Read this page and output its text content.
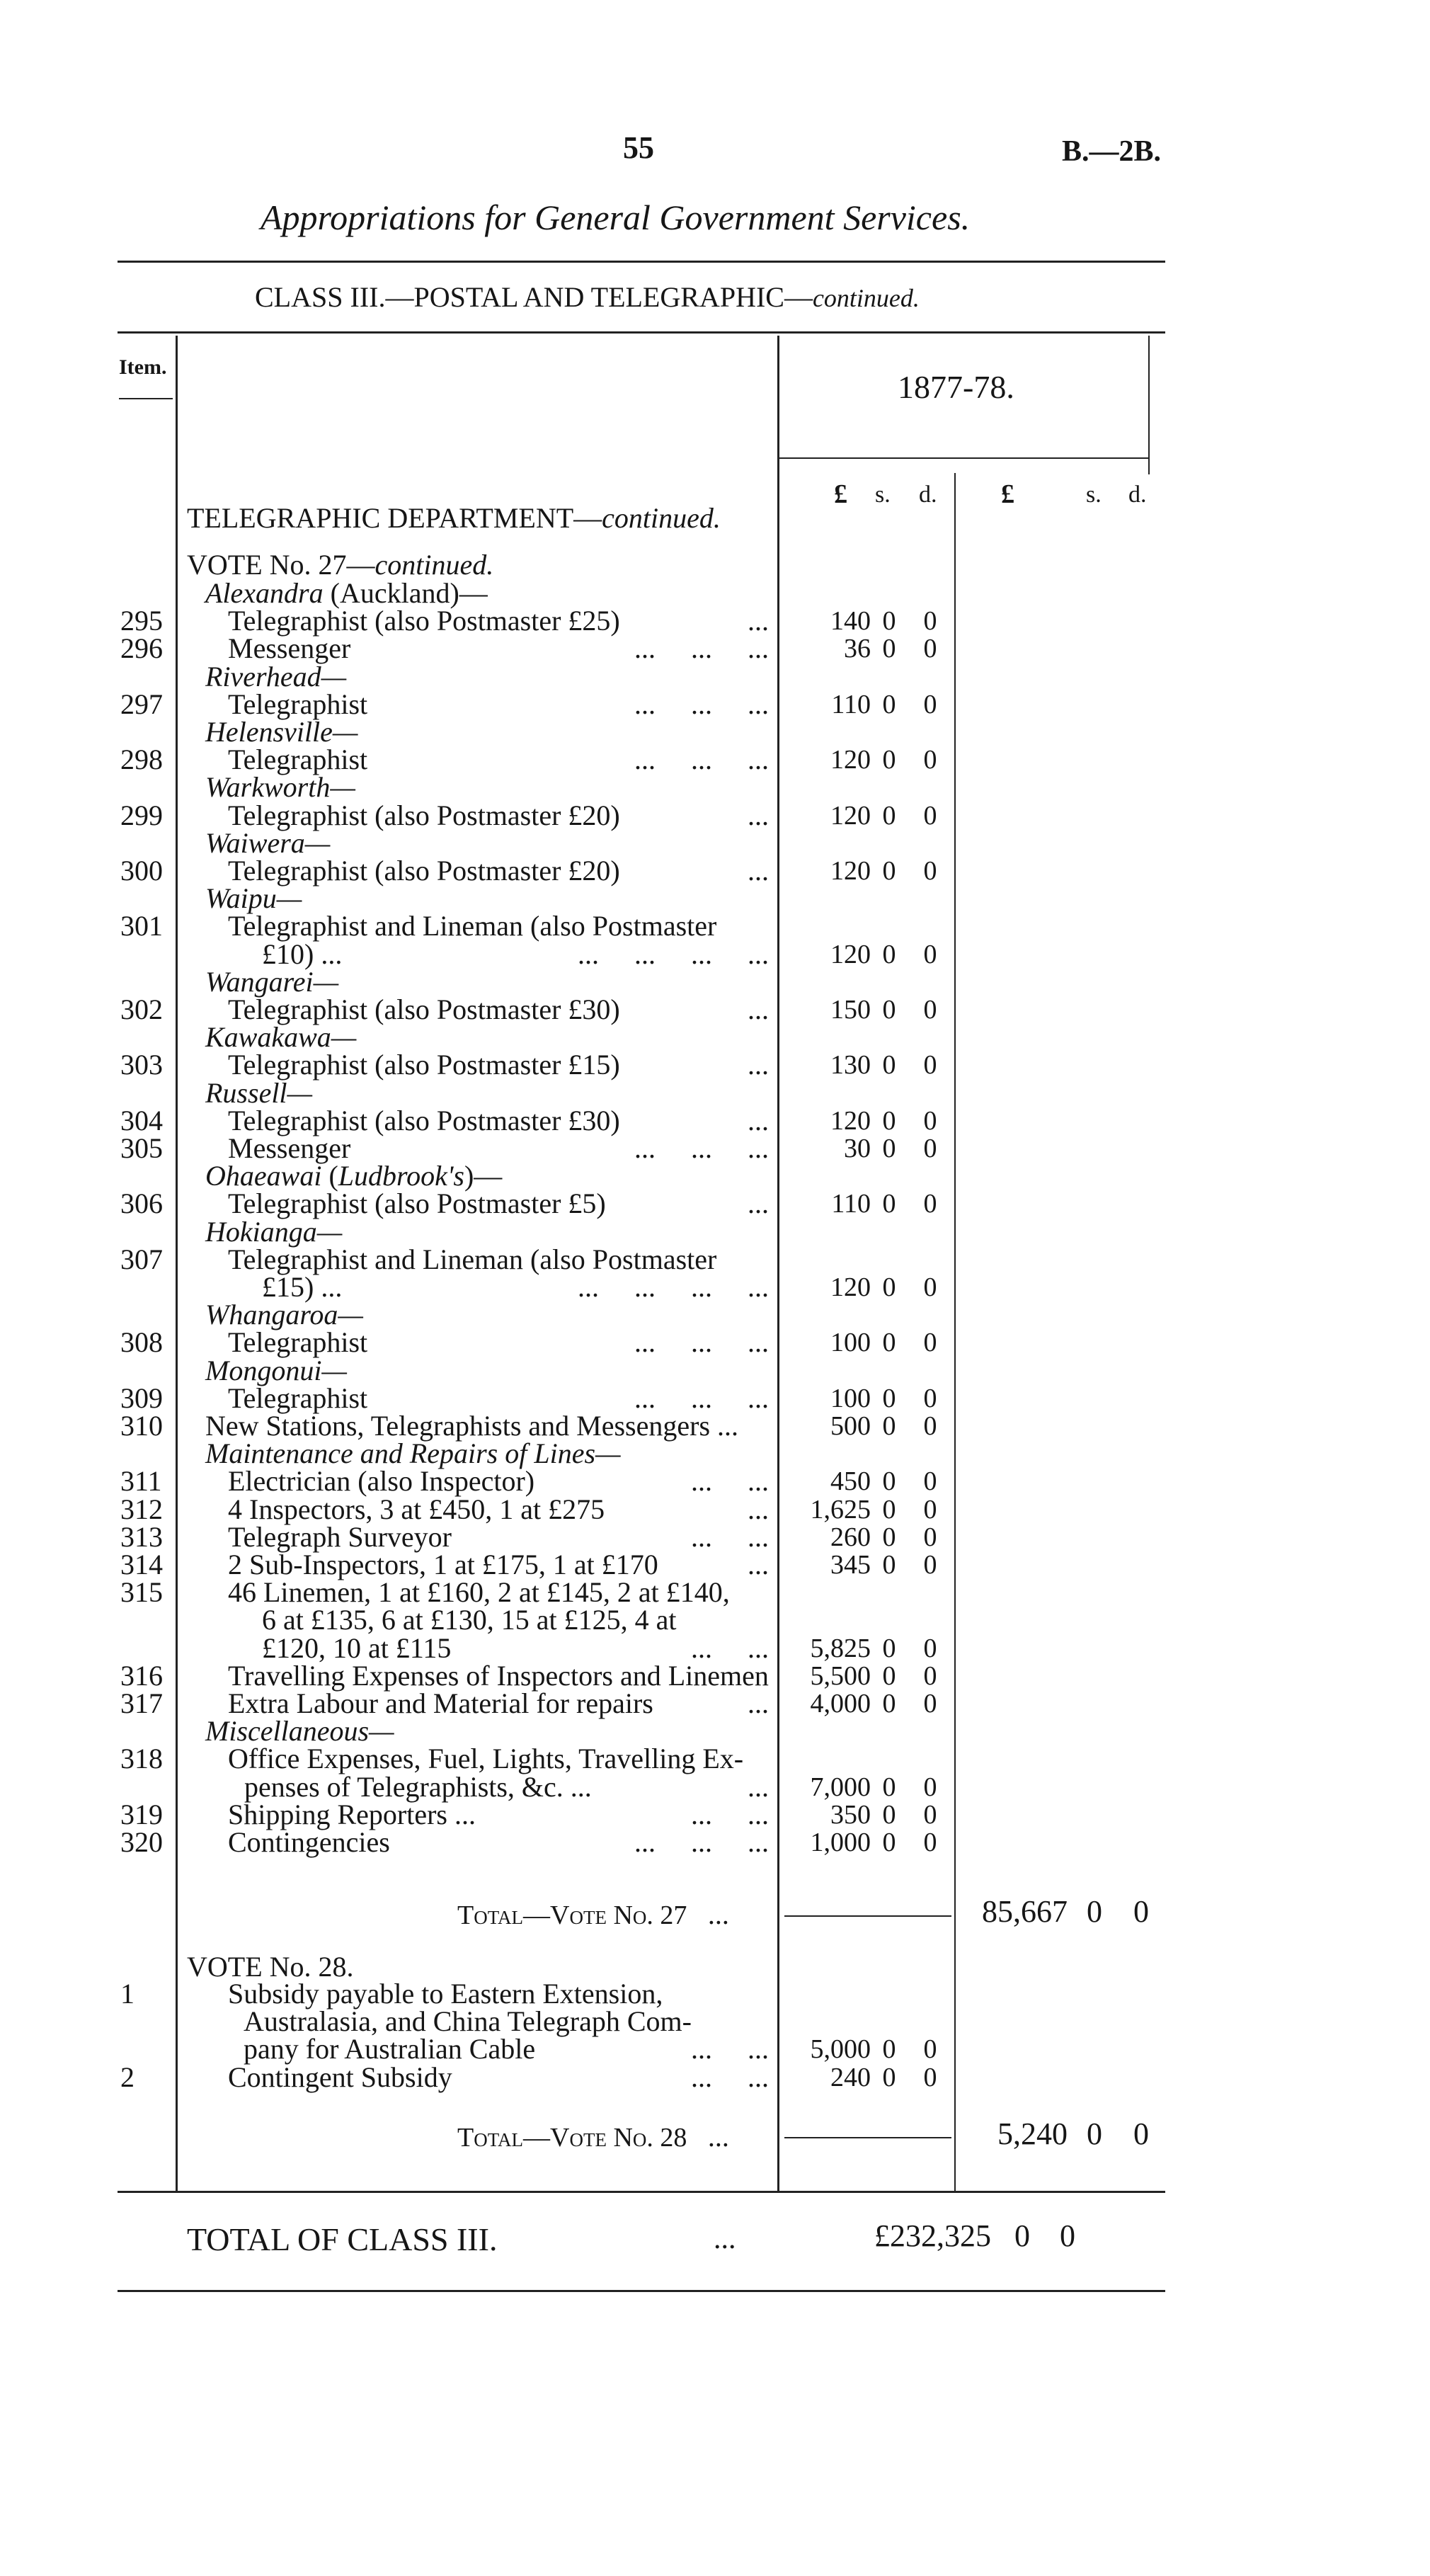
55	B.—2B.
Appropriations for General Government Services.
CLASS III.—POSTAL AND TELEGRAPHIC—continued.
Item.
1877-78.
£ s. d. £	s. d.
TELEGRAPHIC DEPARTMENT—continued.
VOTE No. 27—continued.
Alexandra (Auckland)—
295 Telegraphist (also Postmaster £25)	...	140 0 0
296 Messenger	... ... ...	36 0 0
Riverhead—
297 Telegraphist	... ... ...	110 0 0
Helensville—
298 Telegraphist	... ... ...	120 0 0
Warkworth—
299 Telegraphist (also Postmaster £20)	...	120 0 0
Waiwera—
300 Telegraphist (also Postmaster £20)	...	120 0 0
Waipu—
301 Telegraphist and Lineman (also Postmaster
£10) ...	... ... ... ...	120 0 0
Wangarei—
302 Telegraphist (also Postmaster £30)	...	150 0 0
Kawakawa—
303 Telegraphist (also Postmaster £15)	...	130 0 0
Russell—
304 Telegraphist (also Postmaster £30)	...	120 0 0
305 Messenger	... ... ...	30 0 0
Ohaeawai (Ludbrook's)—
306 Telegraphist (also Postmaster £5)	...	110 0 0
Hokianga—
307 Telegraphist and Lineman (also Postmaster
£15) ...	... ... ... ...	120 0 0
Whangaroa—
308 Telegraphist	... ... ...	100 0 0
Mongonui—
309 Telegraphist	... ... ...	100 0 0
310 New Stations, Telegraphists and Messengers ...	500 0 0
Maintenance and Repairs of Lines—
311 Electrician (also Inspector)	... ...	450 0 0
312 4 Inspectors, 3 at £450, 1 at £275	...	1,625 0 0
313 Telegraph Surveyor	... ...	260 0 0
314 2 Sub-Inspectors, 1 at £175, 1 at £170	...	345 0 0
315 46 Linemen, 1 at £160, 2 at £145, 2 at £140,
6 at £135, 6 at £130, 15 at £125, 4 at
£120, 10 at £115	... ...	5,825 0 0
316 Travelling Expenses of Inspectors and Linemen	5,500 0 0
317 Extra Labour and Material for repairs	...	4,000 0 0
Miscellaneous—
318 Office Expenses, Fuel, Lights, Travelling Ex-
penses of Telegraphists, &c. ...	...	7,000 0 0
319 Shipping Reporters ...	... ...	350 0 0
320 Contingencies	... ... ...	1,000 0 0
Total—Vote No. 27 ...	85,667 0 0
VOTE No. 28.
1	Subsidy payable to Eastern Extension,
Australasia, and China Telegraph Com-
pany for Australian Cable	... ...	5,000 0 0
2	Contingent Subsidy	... ...	240 0 0
Total—Vote No. 28 ...	5,240 0 0
TOTAL OF CLASS III.	...	£232,325 0 0
